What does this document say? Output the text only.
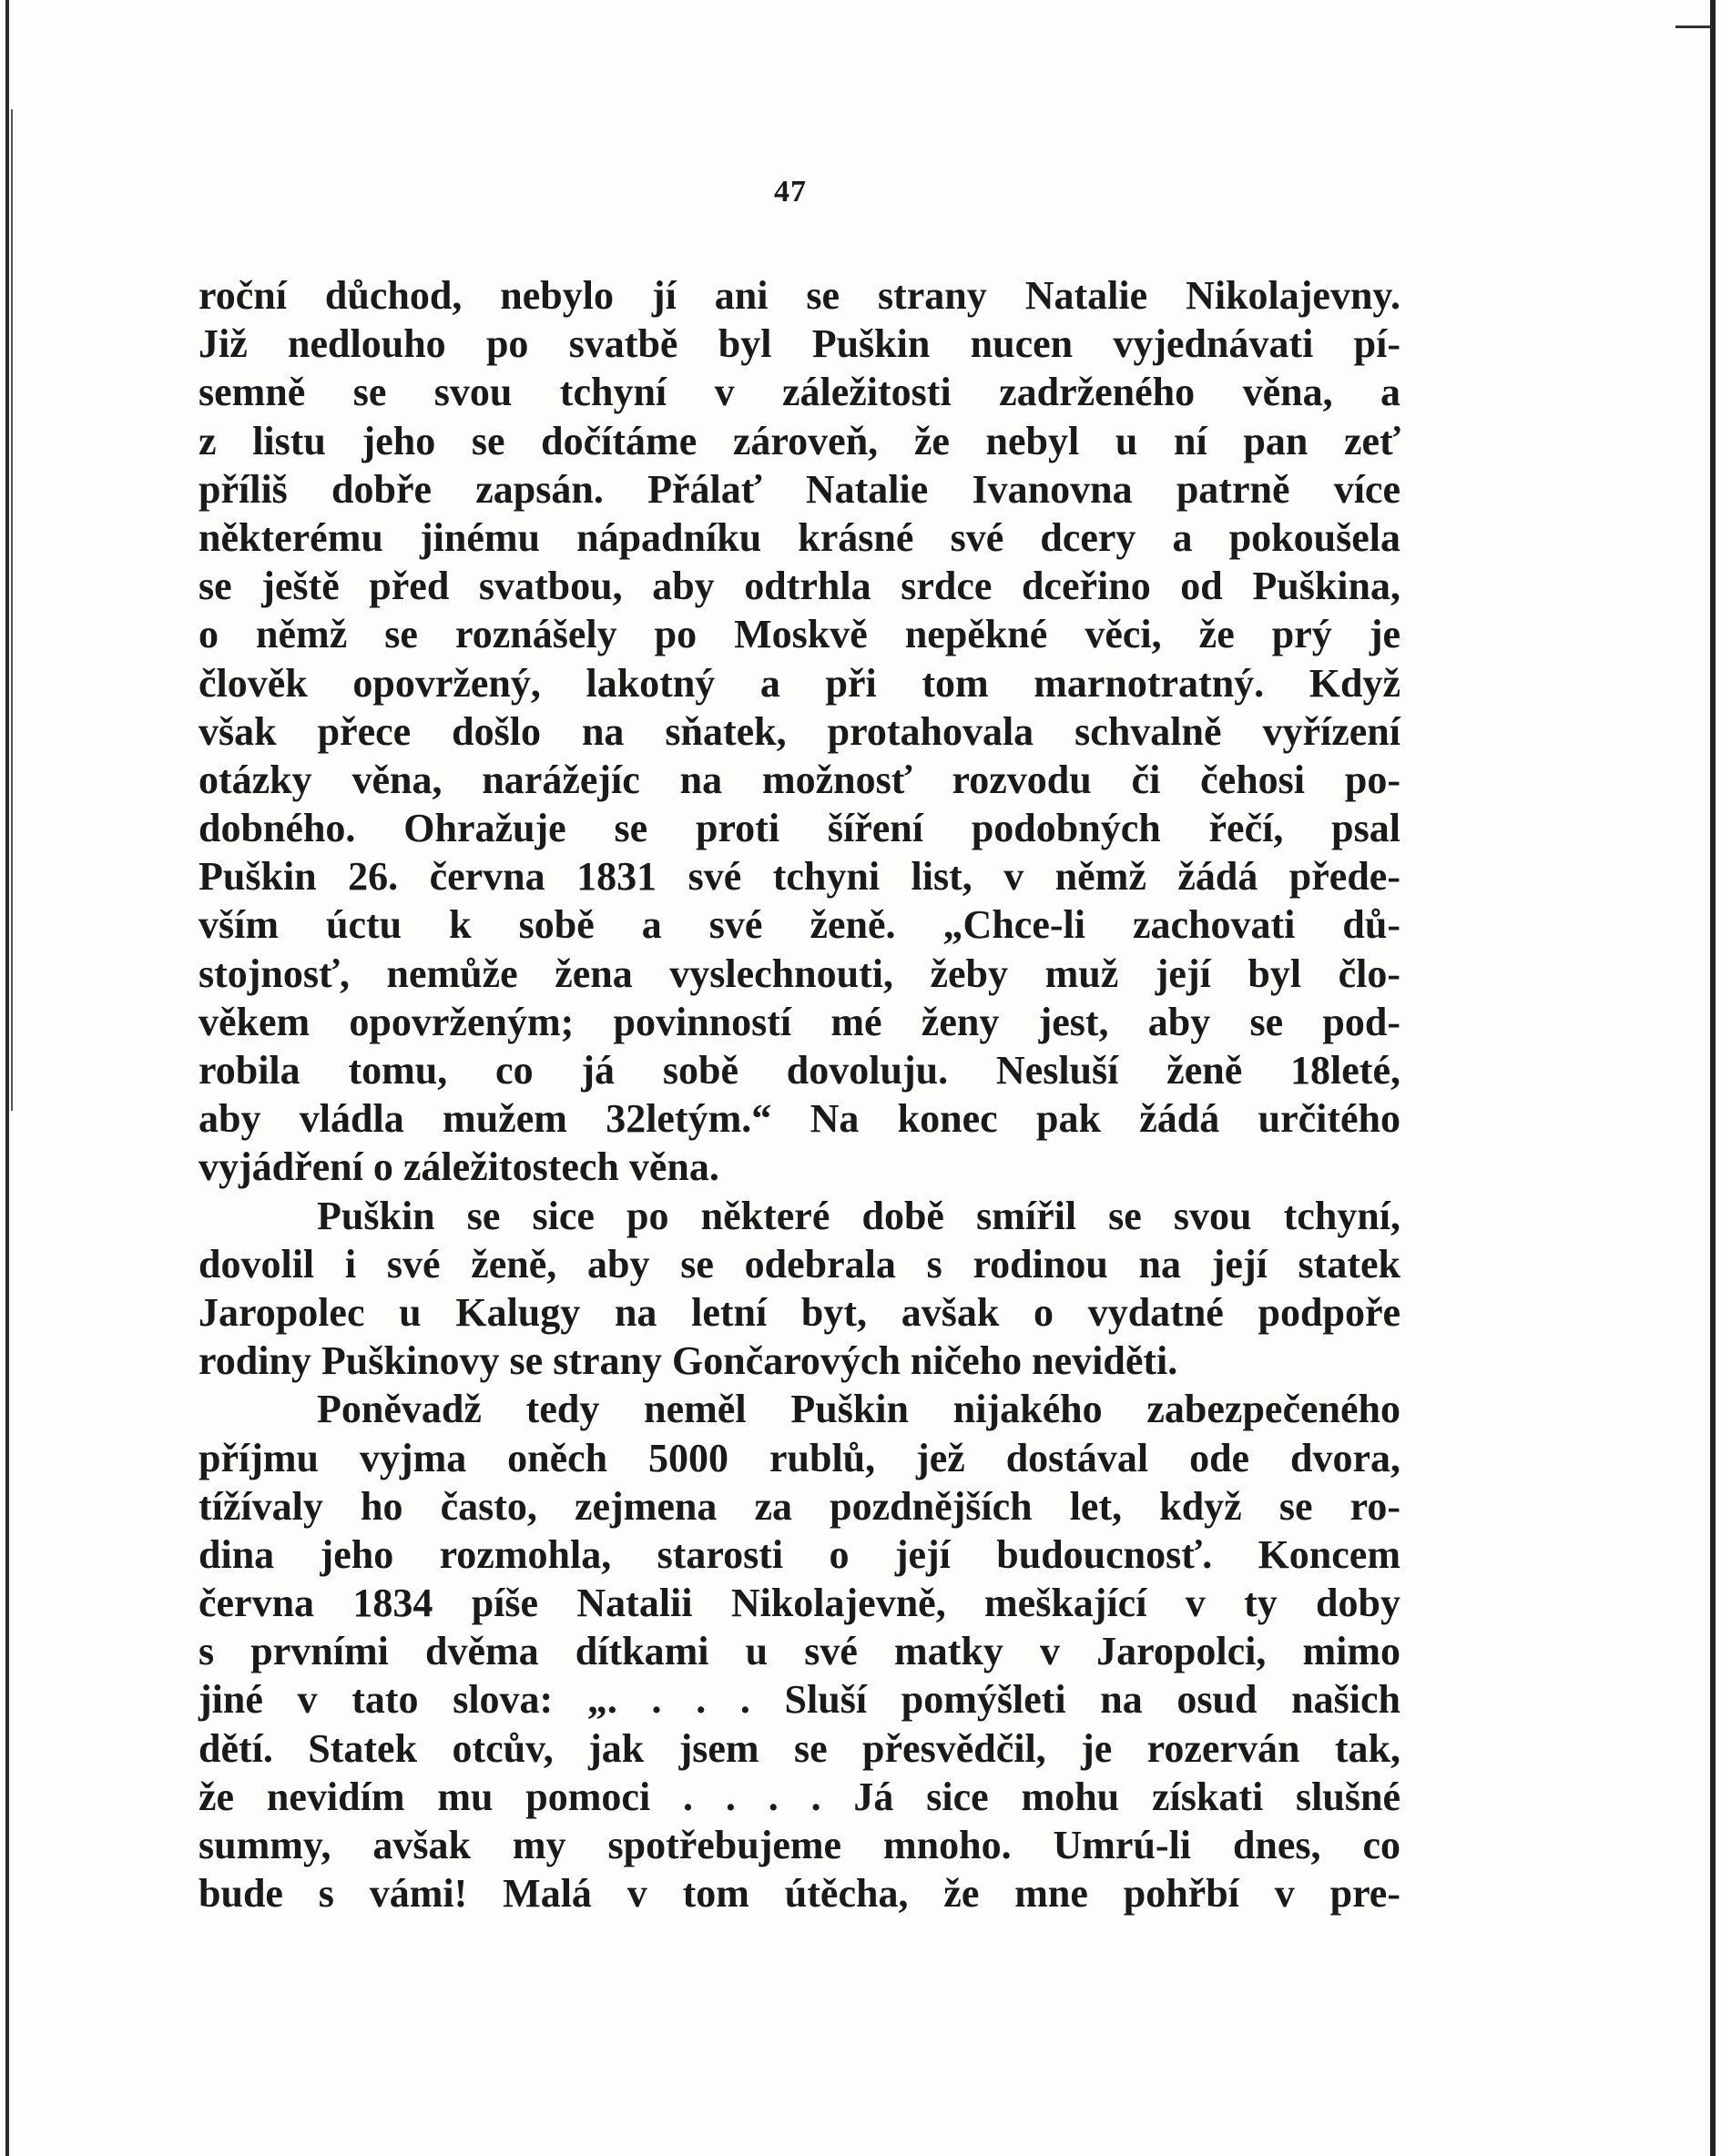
47
roční důchod, nebylo jí ani se strany Natalie Nikolajevny.
Již nedlouho po svatbě byl Puškin nucen vyjednávati pí-
semně se svou tchyní v záležitosti zadrženého věna, a
z listu jeho se dočítáme zároveň, že nebyl u ní pan zeť
příliš dobře zapsán. Přálať Natalie Ivanovna patrně více
některému jinému nápadníku krásné své dcery a pokoušela
se ještě před svatbou, aby odtrhla srdce dceřino od Puškina,
o němž se roznášely po Moskvě nepěkné věci, že prý je
člověk opovržený, lakotný a při tom marnotratný. Když
však přece došlo na sňatek, protahovala schvalně vyřízení
otázky věna, narážejíc na možnosť rozvodu či čehosi po-
dobného. Ohražuje se proti šíření podobných řečí, psal
Puškin 26. června 1831 své tchyni list, v němž žádá přede-
vším úctu k sobě a své ženě. „Chce-li zachovati dů-
stojnosť, nemůže žena vyslechnouti, žeby muž její byl člo-
věkem opovrženým; povinností mé ženy jest, aby se pod-
robila tomu, co já sobě dovoluju. Nesluší ženě 18leté,
aby vládla mužem 32letým.“ Na konec pak žádá určitého
vyjádření o záležitostech věna.
Puškin se sice po některé době smířil se svou tchyní,
dovolil i své ženě, aby se odebrala s rodinou na její statek
Jaropolec u Kalugy na letní byt, avšak o vydatné podpoře
rodiny Puškinovy se strany Gončarových ničeho neviděti.
Poněvadž tedy neměl Puškin nijakého zabezpečeného
příjmu vyjma oněch 5000 rublů, jež dostával ode dvora,
tížívaly ho často, zejmena za pozdnějších let, když se ro-
dina jeho rozmohla, starosti o její budoucnosť. Koncem
června 1834 píše Natalii Nikolajevně, meškající v ty doby
s prvními dvěma dítkami u své matky v Jaropolci, mimo
jiné v tato slova: „. . . . Sluší pomýšleti na osud našich
dětí. Statek otcův, jak jsem se přesvědčil, je rozerván tak,
že nevidím mu pomoci . . . . Já sice mohu získati slušné
summy, avšak my spotřebujeme mnoho. Umrú-li dnes, co
bude s vámi! Malá v tom útěcha, že mne pohřbí v pre-
